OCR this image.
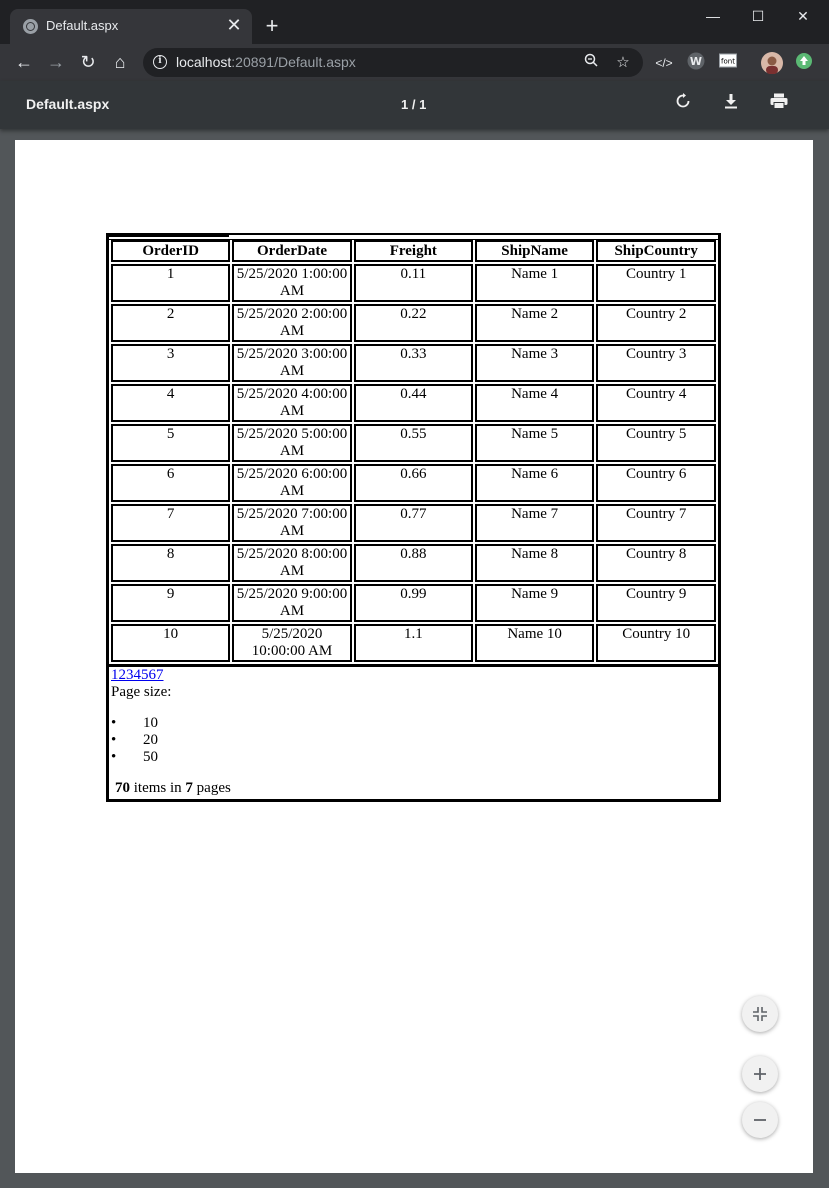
Default.aspx	✕ +	—	☐	✕
← → ↻	⌂	i	localhost:20891/Default.aspx	☆	</> W	font
Default.aspx	1 / 1
OrderID	OrderDate	Freight	ShipName	ShipCountry
1	5/25/2020 1:00:00 AM	0.11	Name 1	Country 1
2	5/25/2020 2:00:00 AM	0.22	Name 2	Country 2
3	5/25/2020 3:00:00 AM	0.33	Name 3	Country 3
4	5/25/2020 4:00:00 AM	0.44	Name 4	Country 4
5	5/25/2020 5:00:00 AM	0.55	Name 5	Country 5
6	5/25/2020 6:00:00 AM	0.66	Name 6	Country 6
7	5/25/2020 7:00:00 AM	0.77	Name 7	Country 7
8	5/25/2020 8:00:00 AM	0.88	Name 8	Country 8
9	5/25/2020 9:00:00 AM	0.99	Name 9	Country 9
10	5/25/2020 10:00:00 AM	1.1	Name 10	Country 10
1234567
Page size:
• 10
• 20
• 50
70 items in 7 pages
